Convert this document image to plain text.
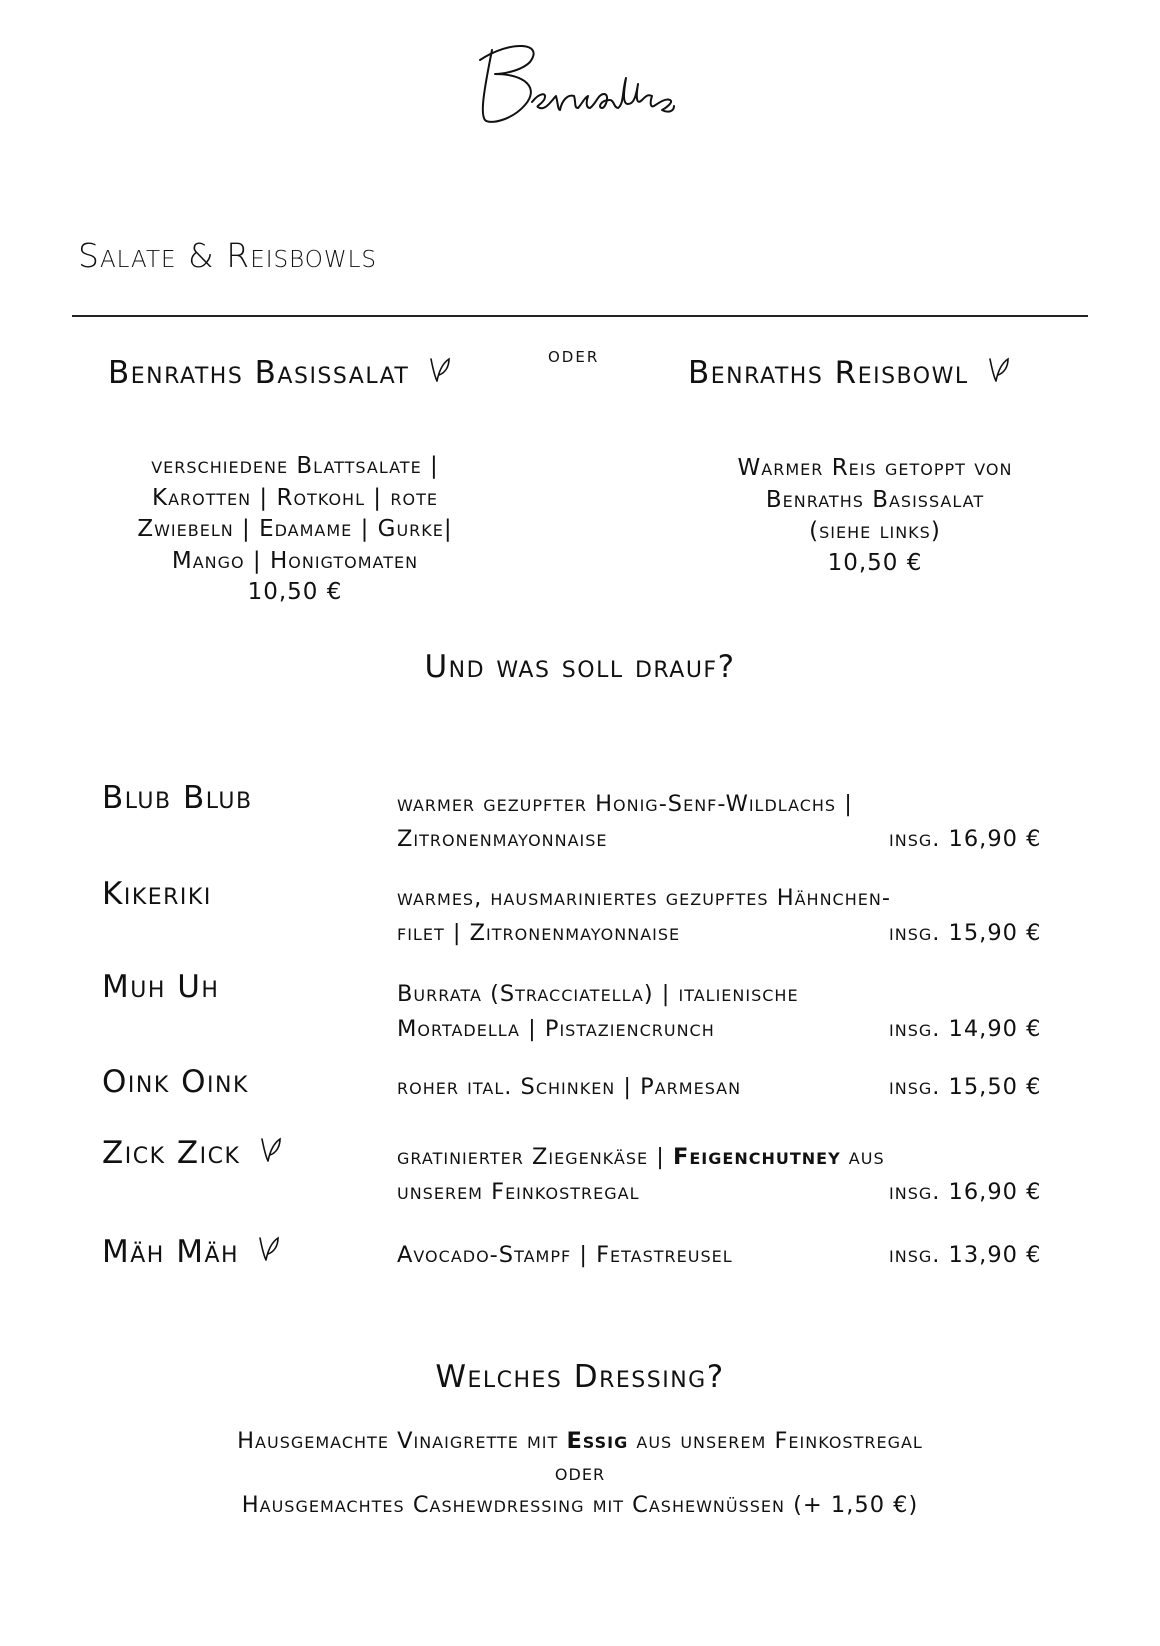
Salate & Reisbowls
oder
Benraths Basissalat	Benraths Reisbowl
verschiedene Blattsalate |
Karotten | Rotkohl | rote
Zwiebeln | Edamame | Gurke|
Mango | Honigtomaten
10,50 €
Warmer Reis getoppt von
Benraths Basissalat
(siehe links)
10,50 €
Und was soll drauf?
Blub Blub	warmer gezupfter Honig-Senf-Wildlachs |
Zitronenmayonnaise	insg. 16,90 €
Kikeriki	warmes, hausmariniertes gezupftes Hähnchen-
filet | Zitronenmayonnaise	insg. 15,90 €
Muh Uh	Burrata (Stracciatella) | italienische
Mortadella | Pistaziencrunch	insg. 14,90 €
Oink Oink	roher ital. Schinken | Parmesan	insg. 15,50 €
Zick Zick	gratinierter Ziegenkäse | Feigenchutney aus
unserem Feinkostregal	insg. 16,90 €
Mäh Mäh	Avocado-Stampf | Fetastreusel	insg. 13,90 €
Welches Dressing?
Hausgemachte Vinaigrette mit Essig aus unserem Feinkostregal
oder
Hausgemachtes Cashewdressing mit Cashewnüssen (+ 1,50 €)
